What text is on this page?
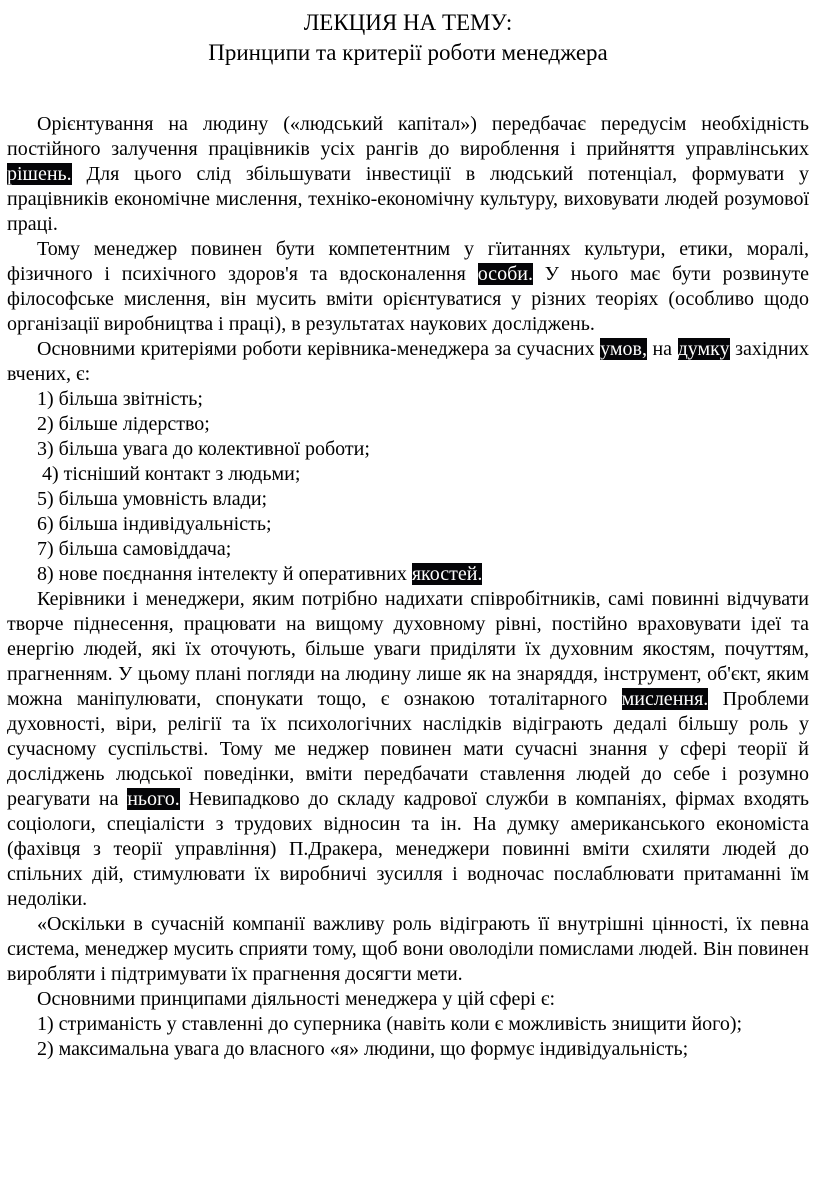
ЛЕКЦИЯ НА ТЕМУ:
Принципи та критерії роботи менеджера

Орієнтування на людину («людський капітал») передбачає передусім необхідність постійного залучення працівників усіх рангів до вироблення і прийняття управлінських рішень. Для цього слід збільшувати інвестиції в людський потенціал, формувати у працівників економічне мислення, техніко-економічну культуру, виховувати людей розумової праці.

Тому менеджер повинен бути компетентним у гїитаннях культури, етики, моралі, фізичного і психічного здоров'я та вдосконалення особи. У нього має бути розвинуте філософське мислення, він мусить вміти орієнтуватися у різних теоріях (особливо щодо організації виробництва і праці), в результатах наукових досліджень.

Основними критеріями роботи керівника-менеджера за сучасних умов, на думку західних вчених, є:

1) більша звітність;

2) більше лідерство;

3) більша увага до колективної роботи;

4) тісніший контакт з людьми;

5) більша умовність влади;

6) більша індивідуальність;

7) більша самовіддача;

8) нове поєднання інтелекту й оперативних якостей.

Керівники і менеджери, яким потрібно надихати співробітників, самі повинні відчувати творче піднесення, працювати на вищому духовному рівні, постійно враховувати ідеї та енергію людей, які їх оточують, більше уваги приділяти їх духовним якостям, почуттям, прагненням. У цьому плані погляди на людину лише як на знаряддя, інструмент, об'єкт, яким можна маніпулювати, спонукати тощо, є ознакою тоталітарного мислення. Проблеми духовності, віри, релігії та їх психологічних наслідків відіграють дедалі більшу роль у сучасному суспільстві. Тому ме неджер повинен мати сучасні знання у сфері теорії й досліджень людської поведінки, вміти передбачати ставлення людей до себе і розумно реагувати на нього. Невипадково до складу кадрової служби в компаніях, фірмах входять соціологи, спеціалісти з трудових відносин та ін. На думку американського економіста (фахівця з теорії управління) П.Дракера, менеджери повинні вміти схиляти людей до спільних дій, стимулювати їх виробничі зусилля і водночас послаблювати притаманні їм недоліки.

«Оскільки в сучасній компанії важливу роль відіграють її внутрішні цінності, їх певна система, менеджер мусить сприяти тому, щоб вони оволоділи помислами людей. Він повинен виробляти і підтримувати їх прагнення досягти мети.

Основними принципами діяльності менеджера у цій сфері є:

1) стриманість у ставленні до суперника (навіть коли є можливість знищити його);

2) максимальна увага до власного «я» людини, що формує індивідуальність;
